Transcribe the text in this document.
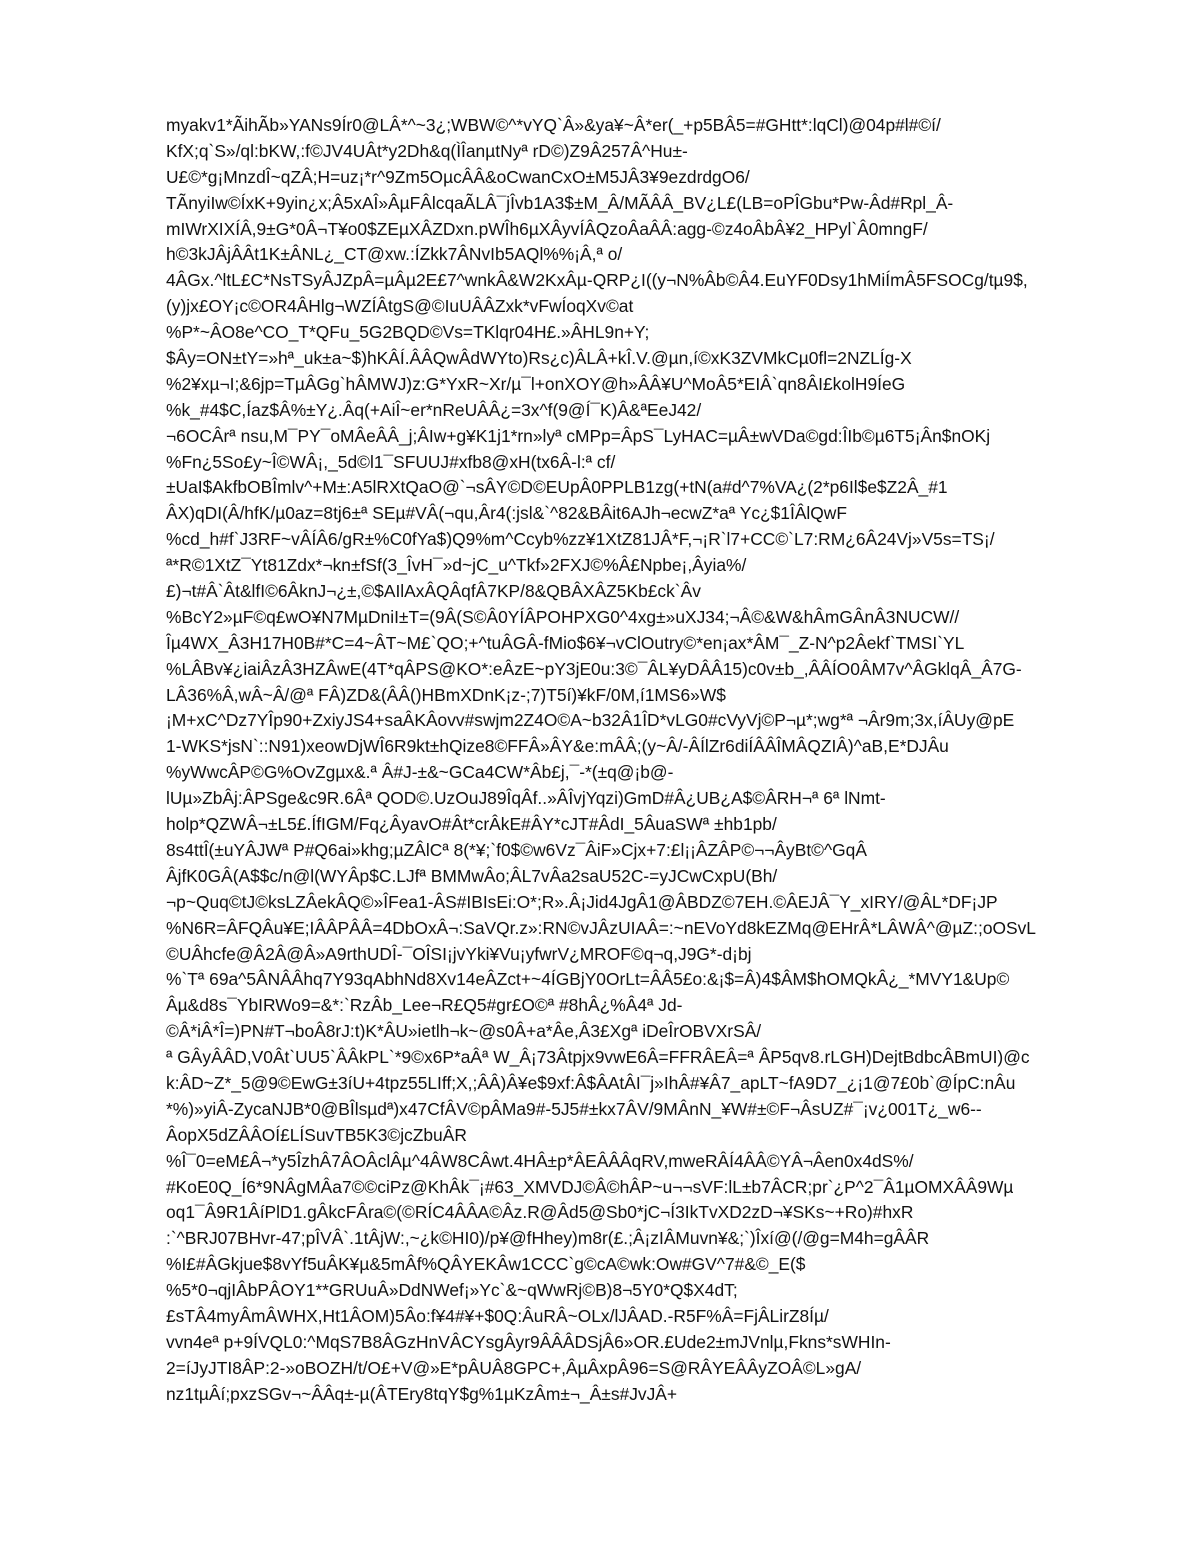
myakv1*ÃihÃb»YANs9Ír0@LÂ*^~3¿;WBW©^*vYQ`Â»&ya¥~Â*er(_+p5BÂ5=#GHtt*:lqCl)@04p#l#©í/
KfX;q`S»/ql:bKW,:f©JV4UÂt*y2Dh&q(ÌÎanµtNyª rD©)Z9Â257Â^Hu±-
U£©*g¡MnzdÎ~qZÂ;H=uz¡*r^9Zm5OµcÂÂ&oCwanCxO±M5JÂ3¥9ezdrdgO6/
TÃnyiIw©ÍxK+9yin¿x;Â5xAÎ»ÂµFÂlcqaÃLÂ¯jÎvb1A3$±M_Â/MÃÂÂ_BV¿L£(LB=oPÎGbu*Pw-Âd#Rpl_Â-
mIWrXIXÍÂ,9±G*0Â¬T¥o0$ZEµXÂZDxn.pWÎh6µXÂyvÍÂQzoÂaÂÂ:agg-©z4oÂbÂ¥2_HPyl`Â0mngF/
h©3kJÂjÂÂt1K±ÂNL¿_CT@xw.:ÍZkk7ÂNvIb5AQl%%¡Â,ª o/
4ÂGx.^ltL£C*NsTSyÂJZpÂ=µÂµ2E£7^wnkÂ&W2KxÂµ-QRP¿I((y¬N%Âb©Â4.EuYF0Dsy1hMiÍmÂ5FSOCg/tµ9$,
(y)jx£OY¡c©OR4ÂHlg¬WZÍÂtgS@©IuUÂÂZxk*vFwÍoqXv©at
%P*~ÂO8e^CO_T*QFu_5G2BQD©Vs=TKlqr04H£.»ÂHL9n+Y;
$Ây=ON±tY=»hª_uk±a~$)hKÂÍ.ÂÂQwÂdWYto)Rs¿c)ÂLÂ+kÎ.V.@µn,í©xK3ZVMkCµ0fl=2NZLÍg-X
%2¥xµ¬I;&6jp=TµÂGg`hÂMWJ)z:G*YxR~Xr/µ¯l+onXOY@h»ÂÂ¥U^MoÂ5*EIÂ`qn8ÂI£kolH9ÍeG
%k_#4$C,Íaz$Â%±Y¿.Âq(+AiÎ~er*nReUÂÂ¿=3x^f(9@Í¯K)Â&ªEeJ42/
¬6OCÂrª nsu,M¯PY¯oMÂeÂÂ_j;ÂIw+g¥K1j1*rn»lyª cMPp=ÂpS¯LyHAC=µÂ±wVDa©gd:ÎIb©µ6T5¡Ân$nOKj
%Fn¿5So£y~Î©WÂ¡,_5d©l1¯SFUUJ#xfb8@xH(tx6Â-l:ª cf/
±UaI$AkfbOBÎmlv^+M±:A5lRXtQaO@`¬sÂY©D©EUpÂ0PPLB1zg(+tN(a#d^7%VA¿(2*p6Il$e$Z2Â_#1
ÂX)qDI(Â/hfK/µ0az=8tj6±ª SEµ#VÂ(¬qu,Âr4(:jsl&`^82&BÂit6AJh¬ecwZ*aª Yc¿$1ÎÂlQwF
%cd_h#f`J3RF~vÂÍÂ6/gR±%C0fYa$)Q9%m^Ccyb%zz¥1XtZ81JÂ*F,¬¡R`l7+CC©`L7:RM¿6Â24Vj»V5s=TS¡/
ª*R©1XtZ¯Yt81Zdx*¬kn±fSf(3_ÎvH¯»d~jC_u^Tkf»2FXJ©%Â£Npbe¡,Âyia%/
£)¬t#Â`Ât&lfI©6ÂknJ¬¿±,©$AIlAxÂQÂqfÂ7KP/8&QBÂXÂZ5Kb£ck`Âv
%BcY2»µF©q£wO¥N7MµDniI±T=(9Â(S©Â0YÍÂPOHPXG0^4xg±»uXJ34;¬Â©&W&hÂmGÂnÂ3NUCW//
Îµ4WX_Â3H17H0B#*C=4~ÂT~M£`QO;+^tuÂGÂ-fMio$6¥¬vClOutry©*en¡ax*ÂM¯_Z-N^p2Âekf`TMSI`YL
%LÂBv¥¿iaiÂzÂ3HZÂwE(4T*qÂPS@KO*:eÂzE~pY3jE0u:3©¯ÂL¥yDÂÂ15)c0v±b_,ÂÂÍO0ÂM7v^ÂGklqÂ_Â7G-
LÂ36%Â,wÂ~Â/@ª FÂ)ZD&(ÂÂ()HBmXDnK¡z-;7)T5í)¥kF/0M,í1MS6»W$
¡M+xC^Dz7YÎp90+ZxiyJS4+saÂKÂovv#swjm2Z4O©A~b32Â1ÎD*vLG0#cVyVj©P¬µ*;wg*ª ¬Âr9m;3x,íÂUy@pE
1-WKS*jsN`::N91)xeowDjWÎ6R9kt±hQize8©FFÂ»ÂY&e:mÂÂ;(y~Â/-ÂÍlZr6diÍÂÂÎMÂQZIÂ)^aB,E*DJÂu
%yWwcÂP©G%OvZgµx&.ª Â#J-±&~GCa4CW*Âb£j,¯-*(±q@¡b@-
lUµ»ZbÂj:ÂPSge&c9R.6Âª QOD©.UzOuJ89ÎqÂf..»ÂÎvjYqzi)GmD#Â¿UB¿A$©ÂRH¬ª 6ª lNmt-
holp*QZWÂ¬±L5£.ÍfIGM/Fq¿ÂyavO#Ât*crÂkE#ÂY*cJT#ÂdI_5ÂuaSWª ±hb1pb/
8s4ttÎ(±uYÂJWª P#Q6ai»khg;µZÂlCª 8(*¥;`f0$©w6Vz¯ÂiF»Cjx+7:£l¡¡ÂZÂP©¬¬ÂyBt©^GqÂ
ÂjfK0GÂ(A$$c/n@l(WYÂp$C.LJfª BMMwÂo;ÂL7vÂa2saU52C-=yJCwCxpU(Bh/
¬p~Quq©tJ©ksLZÂekÂQ©»ÎFea1-ÂS#IBIsEi:O*;R».Â¡Jid4JgÂ1@ÂBDZ©7EH.©ÂEJÂ¯Y_xIRY/@ÂL*DF¡JP
%N6R=ÂFQÂu¥E;IÂÂPÂÂ=4DbOxÂ¬:SaVQr.z»:RN©vJÂzUIAÂ=:~nEVoYd8kEZMq@EHrÂ*LÂWÂ^@µZ:;oOSvL
©UÂhcfe@Â2Â@Â»A9rthUDÎ-¯OÎSI¡jvYki¥Vu¡yfwrV¿MROF©q¬q,J9G*-d¡bj
%`Tª 69a^5ÂNÂÂhq7Y93qAbhNd8Xv14eÂZct+~4ÍGBjY0OrLt=ÂÂ5£o:&¡$=Â)4$ÂM$hOMQkÂ¿_*MVY1&Up©
Âµ&d8s¯YbIRWo9=&*:`RzÂb_Lee¬R£Q5#gr£O©ª #8hÂ¿%Â4ª Jd-
©Â*iÂ*Î=)PN#T¬boÂ8rJ:t)K*ÂU»ietlh¬k~@s0Â+a*Âe,Â3£Xgª iDeÎrOBVXrSÂ/
ª GÂyÂÂD,V0Ât`UU5`ÂÂkPL`*9©x6P*aÂª W_Â¡73Âtpjx9vwE6Â=FFRÂEÂ=ª ÂP5qv8.rLGH)DejtBdbcÂBmUI)@c
k:ÂD~Z*_5@9©EwG±3íU+4tpz55LIff;X,;ÂÂ)Â¥e$9xf:Â$ÂAtÂI¯j»IhÂ#¥Â7_apLT~fA9D7_¿¡1@7£0b`@ÍpC:nÂu
*%)»yiÂ-ZycaNJB*0@BÎlsµdª)x47CfÂV©pÂMa9#-5J5#±kx7ÂV/9MÂnN_¥W#±©F¬ÂsUZ#¯¡v¿001T¿_w6--
ÂopX5dZÂÂOÍ£LÍSuvTB5K3©jcZbuÂR
%Î¯0=eM£Â¬*y5ÎzhÂ7ÂOÂclÂµ^4ÂW8CÂwt.4HÂ±p*ÂEÂÂÂqRV,mweRÂÍ4ÂÂ©YÂ¬Âen0x4dS%/
#KoE0Q_Í6*9NÂgMÂa7©©ciPz@KhÂk¯¡#63_XMVDJ©Â©hÂP~u¬¬sVF:lL±b7ÂCR;pr`¿P^2¯Â1µOMXÂÂ9Wµ
oq1¯Â9R1ÂíPlD1.gÂkcFÂra©(©RÍC4ÂÂA©Âz.R@Âd5@Sb0*jC¬Í3IkTvXD2zD¬¥SKs~+Ro)#hxR
:`^BRJ07BHvr-47;pÎVÂ`.1tÂjW:,~¿k©HI0)/p¥@fHhey)m8r(£.;Â¡zIÂMuvn¥&;`)Îxí@(/@g=M4h=gÂÂR
%I£#ÂGkjue$8vYf5uÂK¥µ&5mÂf%QÂYEKÂw1CCC`g©cA©wk:Ow#GV^7#&©_E($
%5*0¬qjIÂbPÂOY1**GRUuÂ»DdNWef¡»Yc`&~qWwRj©B)8¬5Y0*Q$X4dT;
£sTÂ4myÂmÂWHX,Ht1ÂOM)5Âo:f¥4#¥+$0Q:ÂuRÂ~OLx/lJÂAD.-R5F%Â=FjÂLirZ8Íµ/
vvn4eª p+9ÍVQL0:^MqS7B8ÂGzHnVÂCYsgÂyr9ÂÂÂDSjÂ6»OR.£Ude2±mJVnlµ,Fkns*sWHIn-
2=íJyJTI8ÂP:2-»oBOZH/t/O£+V@»E*pÂUÂ8GPC+,ÂµÂxpÂ96=S@RÂYEÂÂyZOÂ©L»gA/
nz1tµÂí;pxzSGv¬~ÂÂq±-µ(ÂTEry8tqY$g%1µKzÂm±¬_Â±s#JvJÂ+
